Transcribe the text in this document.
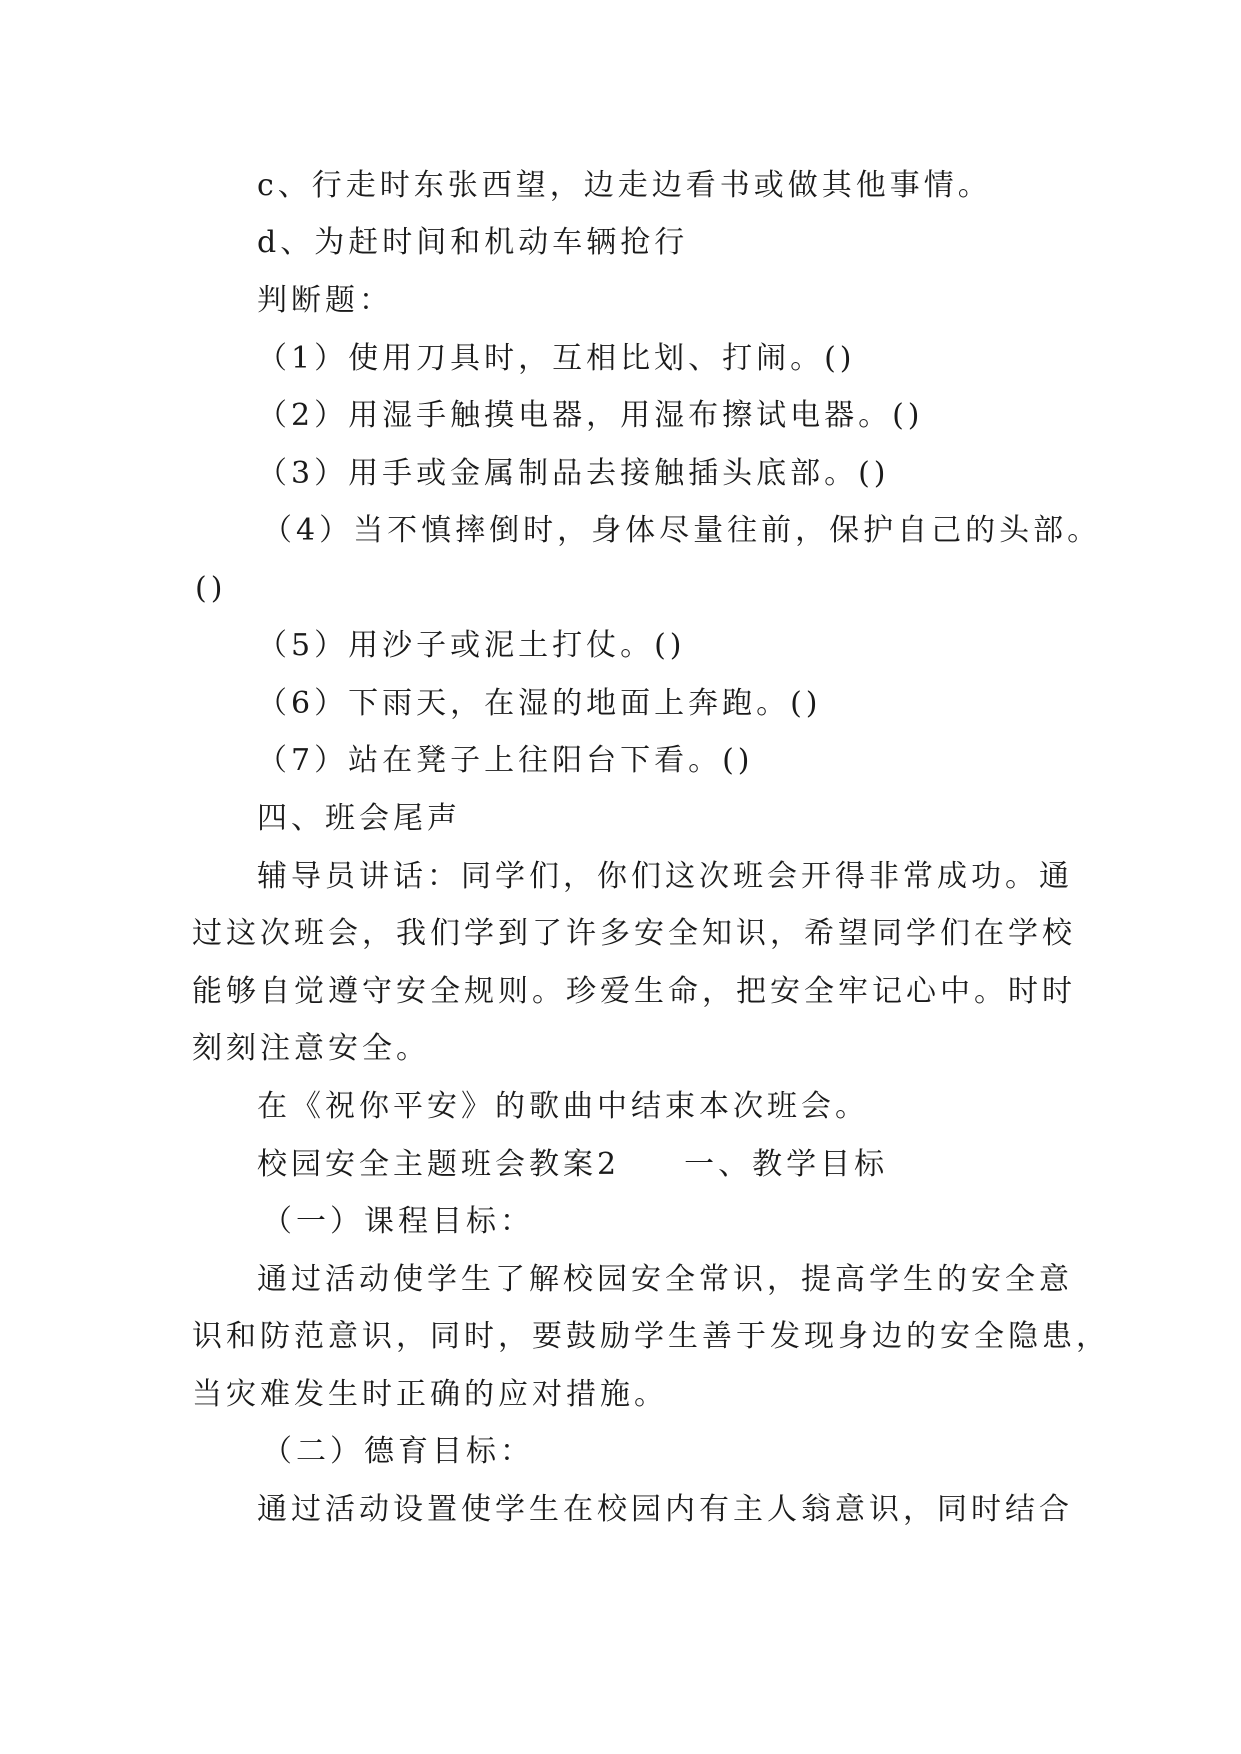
c、行走时东张西望，边走边看书或做其他事情。
d、为赶时间和机动车辆抢行
判断题：
（1）使用刀具时，互相比划、打闹。()
（2）用湿手触摸电器，用湿布擦试电器。()
（3）用手或金属制品去接触插头底部。()
（4）当不慎摔倒时，身体尽量往前，保护自己的头部。
()
（5）用沙子或泥土打仗。()
（6）下雨天，在湿的地面上奔跑。()
（7）站在凳子上往阳台下看。()
四、班会尾声
辅导员讲话：同学们，你们这次班会开得非常成功。通
过这次班会，我们学到了许多安全知识，希望同学们在学校
能够自觉遵守安全规则。珍爱生命，把安全牢记心中。时时
刻刻注意安全。
在《祝你平安》的歌曲中结束本次班会。
校园安全主题班会教案2 一、教学目标
（一）课程目标：
通过活动使学生了解校园安全常识，提高学生的安全意
识和防范意识，同时，要鼓励学生善于发现身边的安全隐患，
当灾难发生时正确的应对措施。
（二）德育目标：
通过活动设置使学生在校园内有主人翁意识，同时结合
